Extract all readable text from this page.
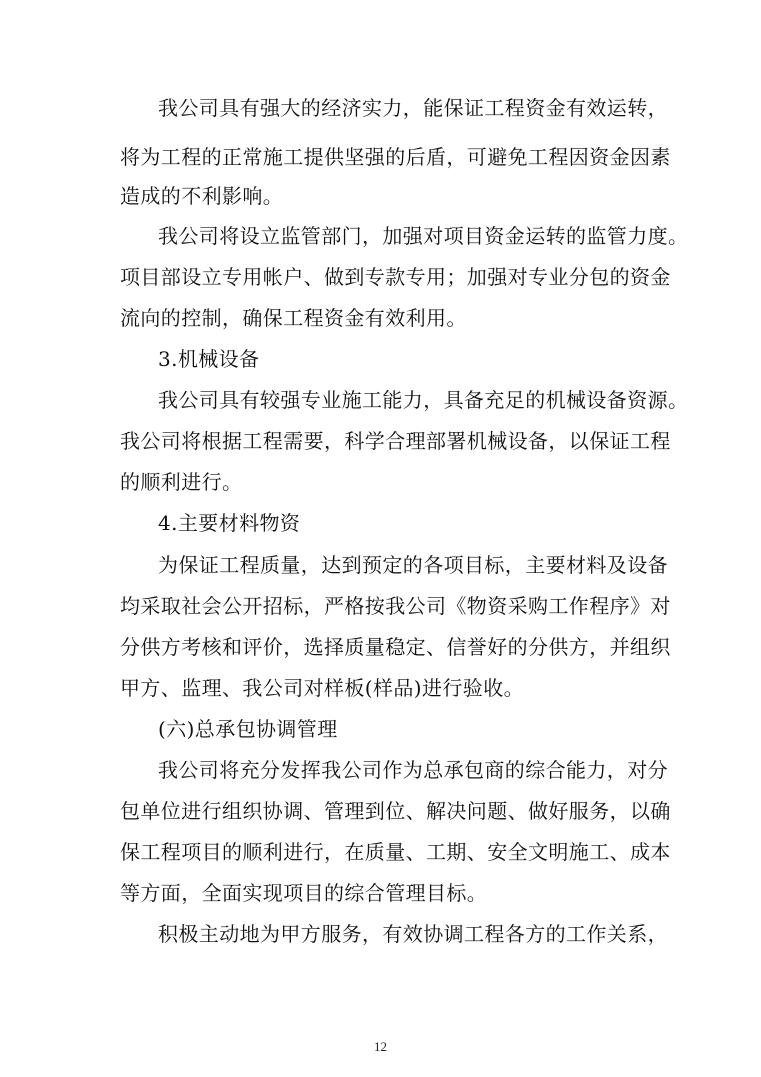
我公司具有强大的经济实力，能保证工程资金有效运转，
将为工程的正常施工提供坚强的后盾，可避免工程因资金因素
造成的不利影响。
我公司将设立监管部门，加强对项目资金运转的监管力度。
项目部设立专用帐户、做到专款专用；加强对专业分包的资金
流向的控制，确保工程资金有效利用。
3.机械设备
我公司具有较强专业施工能力，具备充足的机械设备资源。
我公司将根据工程需要，科学合理部署机械设备，以保证工程
的顺利进行。
4.主要材料物资
为保证工程质量，达到预定的各项目标，主要材料及设备
均采取社会公开招标，严格按我公司《物资采购工作程序》对
分供方考核和评价，选择质量稳定、信誉好的分供方，并组织
甲方、监理、我公司对样板(样品)进行验收。
(六)总承包协调管理
我公司将充分发挥我公司作为总承包商的综合能力，对分
包单位进行组织协调、管理到位、解决问题、做好服务，以确
保工程项目的顺利进行，在质量、工期、安全文明施工、成本
等方面，全面实现项目的综合管理目标。
积极主动地为甲方服务，有效协调工程各方的工作关系，
12
